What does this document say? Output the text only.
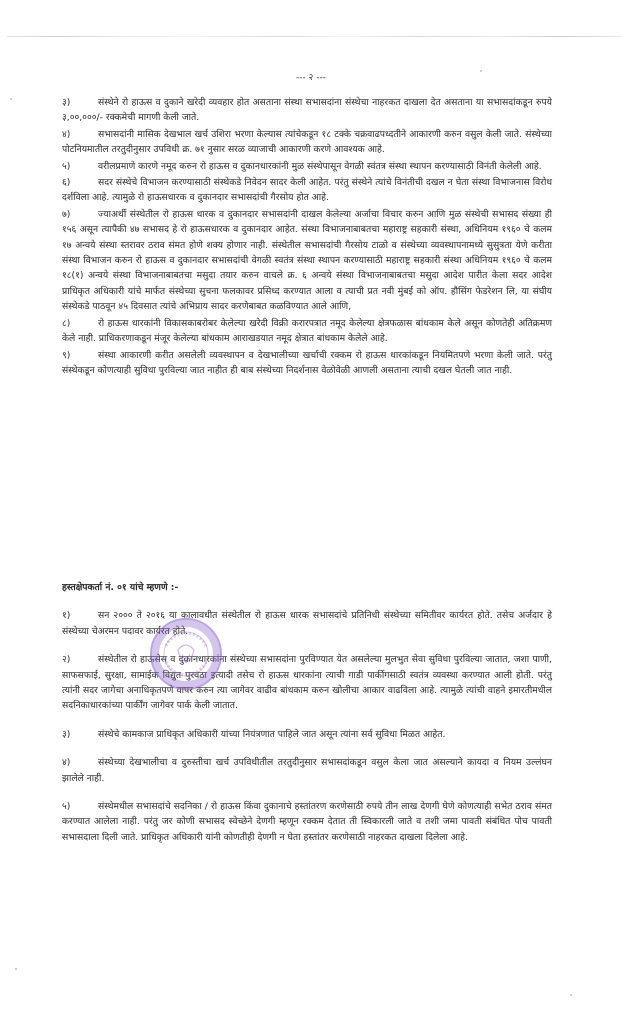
--- २ ---

३)	संस्थेने रो हाऊस व दुकाने खरेदी व्यवहार होत असताना संस्था सभासदांना संस्थेचा नाहरकत दाखला देत असताना या सभासदांकडून रुपये ३,००,०००/- रक्कमेची मागणी केली जाते.

४)	सभासदांनी मासिक देखभाल खर्च उशिरा भरणा केल्यास त्यांचेकडून १८ टक्के चक्रवाढपध्दतीने आकारणी करुन वसुल केली जाते. संस्थेच्या पोटनियमातील तरतुदीनुसार उपविधी क्र. ७१ नुसार सरळ व्याजाची आकारणी करणे आवश्यक आहे.

५)	वरीलप्रमाणे कारणे नमूद करुन रो हाऊस व दुकानधारकांनी मुळ संस्थेपासून वेगळी स्वंतत्र संस्था स्थापन करण्यासाठी विनंती केलेली आहे.

६)	सदर संस्थेचे विभाजन करण्यासाठी संस्थेकडे निवेदन सादर केली आहेत. परंतु संस्थेने त्यांचे विनंतीची दखल न घेता संस्था विभाजनास विरोध दर्शविला आहे. त्यामुळे रो हाऊसधारक व दुकानदार सभासदांची गैरसोय होत आहे.

७)	ज्याअर्थी संस्थेतील रो हाऊस धारक व दुकानदार सभासदांनी दाखल केलेल्या अर्जाचा विचार करुन आणि मुळ संस्थेची सभासद संख्या ही १५६ असून त्यापैकी ४७ सभासद हे रो हाऊसधारक व दुकानदार आहेत. संस्था विभाजनाबाबतचा महाराष्ट्र सहकारी संस्था, अधिनियम १९६० चे कलम १७ अन्वये संस्था स्तरावर ठराव संमत होणे शक्य होणार नाही. संस्थेतील सभासदांची गैरसोय टाळो व संस्थेच्या व्यवस्थापनामध्ये सुसुत्रता येणे करीता संस्था विभाजन करुन रो हाऊस व दुकानदार सभासदांची वेगळी स्वतंत्र संस्था स्थापन करण्यासाठी महाराष्ट्र सहकारी संस्था अधिनियम १९६० चे कलम १८(१) अन्वये संस्था विभाजनाबाबतचा मसुदा तयार करुन वाचले क्र. ६ अन्वये संस्था विभाजनाबाबतचा मसुदा आदेश पारीत केला सदर आदेश प्राधिकृत अधिकारी यांचे मार्फत संस्थेच्या सुचना फलकावर प्रसिध्द करण्यात आला व त्याची प्रत नवी मुंबई को ऑप. हौसिंग फेडरेशन लि, या संघीय संस्थेकडे पाठवून ४५ दिवसात त्यांचे अभिप्राय सादर करणेबाबत कळविण्यात आले आणि,

८)	रो हाऊस धारकांनी विकासकाबरोबर केलेल्या खरेदी विक्री करारपत्रात नमूद केलेल्या क्षेत्रफळास बांधकाम केले असून कोणतेही अतिक्रमण केले नाही. प्राधिकरणाकडून मंजूर केलेल्या बांधकाम आराखडयात नमूद क्षेत्रात बांधकाम केलेले आहे.

९)	संस्था आकारणी करीत असलेली व्यवस्थापन व देखभालीच्या खर्चाची रक्कम रो हाऊस धारकांकडून नियमितपणे भरणा केली जाते. परंतु संस्थेकडून कोणत्याही सुविधा पुरविल्या जात नाहीत ही बाब संस्थेच्या निदर्शनास वेळोवेळी आणली असताना त्याची दखल घेतली जात नाही.

हस्तक्षेपकर्ता नं. ०१ यांचे म्हणणे :-

१)	सन २००० ते २०१६ या कालावधीत संस्थेतील रो हाऊस धारक सभासदांचे प्रतिनिधी संस्थेच्या समितीवर कार्यरत होते. तसेच अर्जदार हे संस्थेच्या चेअरमन पदावर कार्यरत होते.

२)	संस्थेतील रो हाऊसेस व दुकानधारकांना संस्थेच्या सभासदांना पुरविण्यात येत असलेल्या मुलभुत सेवा सुविधा पुरविल्या जातात, जशा पाणी, साफसफाई, सुरक्षा, सामाईक विद्युत पुरवठा इत्यादी तसेच रो हाऊस धारकांना त्याची गाडी पार्कीगसाठी स्वतंत्र व्यवस्था करण्यात आली होती. परंतु त्यांनी सदर जागेचा अनाधिकृतपणे वापर करुन त्या जागेवर वाढीव बांधकाम करुन खोलीचा आकार वाढविला आहे. त्यामुळे त्यांची वाहने इमारतीमधील सदनिकाधारकांच्या पार्कींग जागेवर पार्क केली जातात.

३)	संस्थेचे कामकाज प्राधिकृत अधिकारी यांच्या नियंत्रणात पाहिले जात असून त्यांना सर्व सुविधा मिळत आहेत.

४)	संस्थेच्या देखभालीचा व दुरुस्तीचा खर्च उपविधीतील तरतुदीनुसार सभासदांकडून वसुल केला जात असल्याने कायदा व नियम उल्लंघन झालेले नाही.

५)	संस्थेमधील सभासदांचे सदनिका / रो हाऊस किंवा दुकानाचे हस्तांतरण करणेसाठी रुपये तीन लाख देणगी घेणे कोणत्याही सभेत ठराव संमत करण्यात आलेला नाही. परंतु जर कोणी सभासद स्वेच्छेने देणगी म्हणून रक्कम देतात ती स्विकारली जाते व तशी जमा पावती संबंधित पोच पावती सभासदाला दिली जाते. प्राधिकृत अधिकारी यांनी कोणतीही देणगी न घेता हस्तांतर करणेसाठी नाहरकत दाखला दिलेला आहे.
